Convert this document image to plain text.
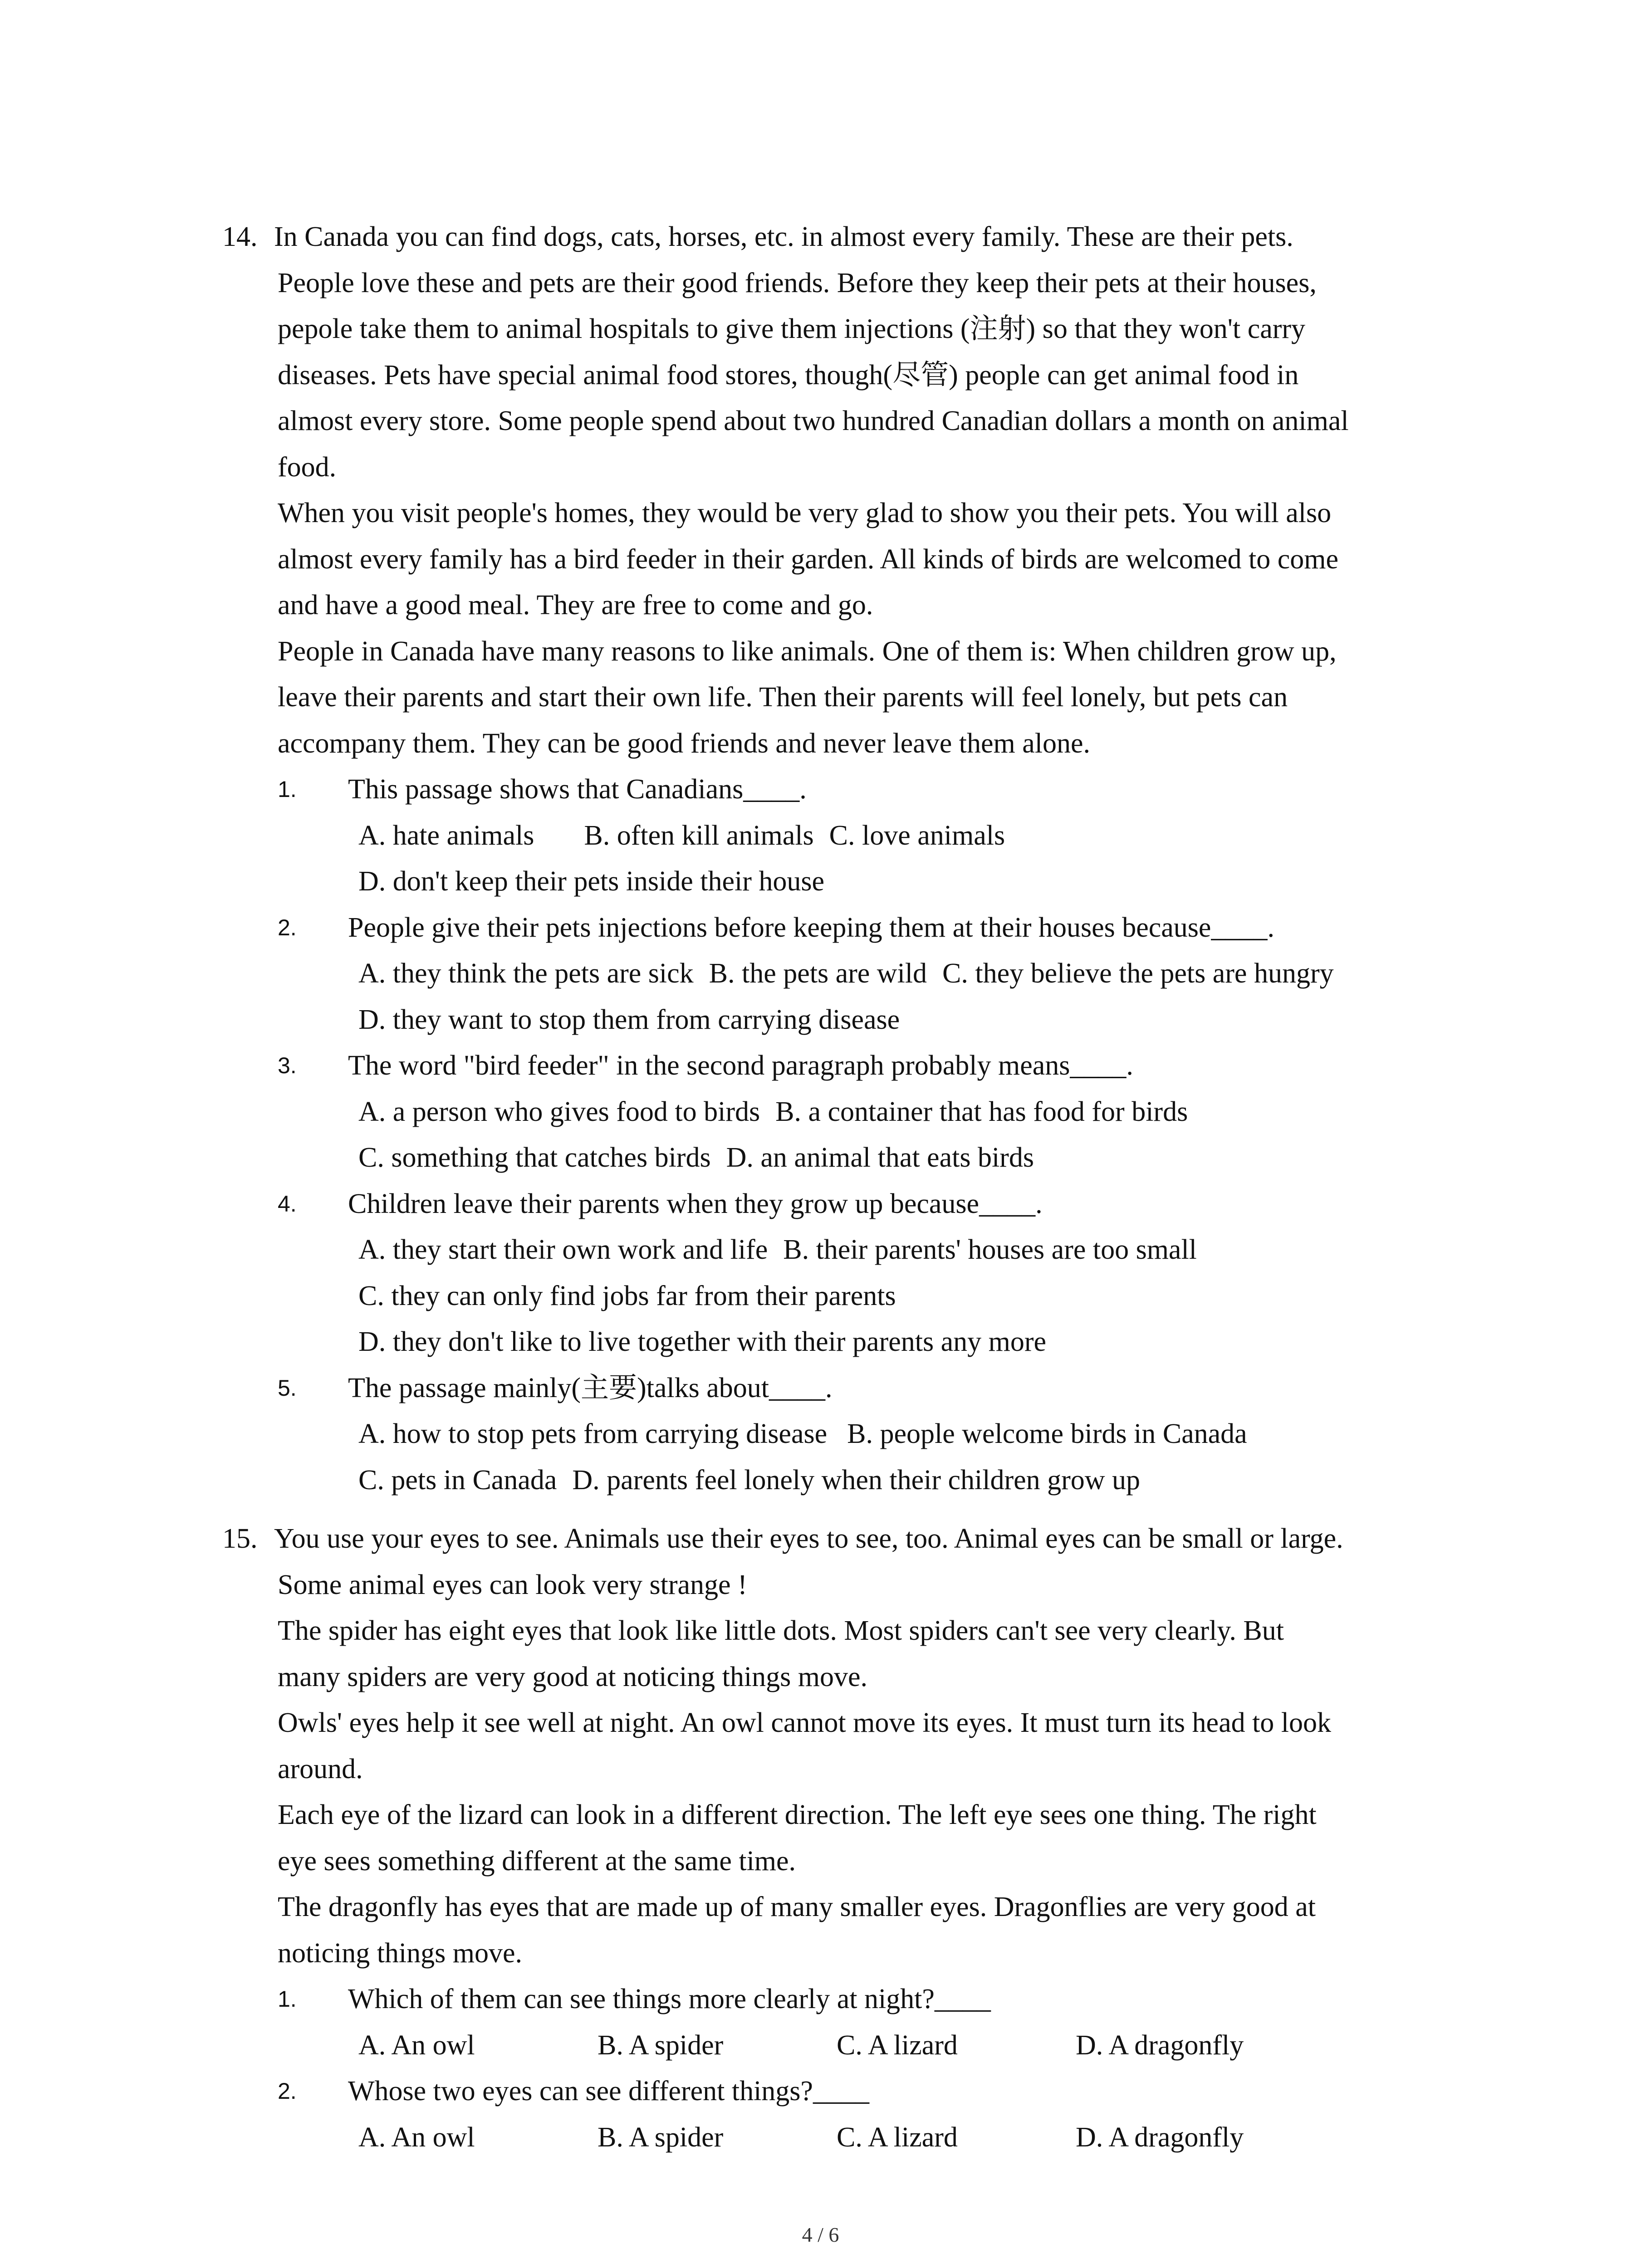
14. In Canada you can find dogs, cats, horses, etc. in almost every family. These are their pets.

People love these and pets are their good friends. Before they keep their pets at their houses,

pepole take them to animal hospitals to give them injections (注射) so that they won't carry

diseases. Pets have special animal food stores, though(尽管) people can get animal food in

almost every store. Some people spend about two hundred Canadian dollars a month on animal

food.

When you visit people's homes, they would be very glad to show you their pets. You will also

almost every family has a bird feeder in their garden. All kinds of birds are welcomed to come

and have a good meal. They are free to come and go.

People in Canada have many reasons to like animals. One of them is: When children grow up,

leave their parents and start their own life. Then their parents will feel lonely, but pets can

accompany them. They can be good friends and never leave them alone.

1. This passage shows that Canadians____.
A. hate animals B. often kill animals C. love animals
D. don't keep their pets inside their house
2. People give their pets injections before keeping them at their houses because____.
A. they think the pets are sick B. the pets are wild C. they believe the pets are hungry
D. they want to stop them from carrying disease
3. The word "bird feeder" in the second paragraph probably means____.
A. a person who gives food to birds B. a container that has food for birds
C. something that catches birds D. an animal that eats birds
4. Children leave their parents when they grow up because____.
A. they start their own work and life B. their parents' houses are too small
C. they can only find jobs far from their parents
D. they don't like to live together with their parents any more
5. The passage mainly(主要)talks about____.
A. how to stop pets from carrying disease B. people welcome birds in Canada
C. pets in Canada D. parents feel lonely when their children grow up
15. You use your eyes to see. Animals use their eyes to see, too. Animal eyes can be small or large.

Some animal eyes can look very strange !

The spider has eight eyes that look like little dots. Most spiders can't see very clearly. But

many spiders are very good at noticing things move.

Owls' eyes help it see well at night. An owl cannot move its eyes. It must turn its head to look

around.

Each eye of the lizard can look in a different direction. The left eye sees one thing. The right

eye sees something different at the same time.

The dragonfly has eyes that are made up of many smaller eyes. Dragonflies are very good at

noticing things move.

1. Which of them can see things more clearly at night?____
A. An owl	B. A spider	C. A lizard	D. A dragonfly
2. Whose two eyes can see different things?____
A. An owl	B. A spider	C. A lizard	D. A dragonfly
4 / 6
